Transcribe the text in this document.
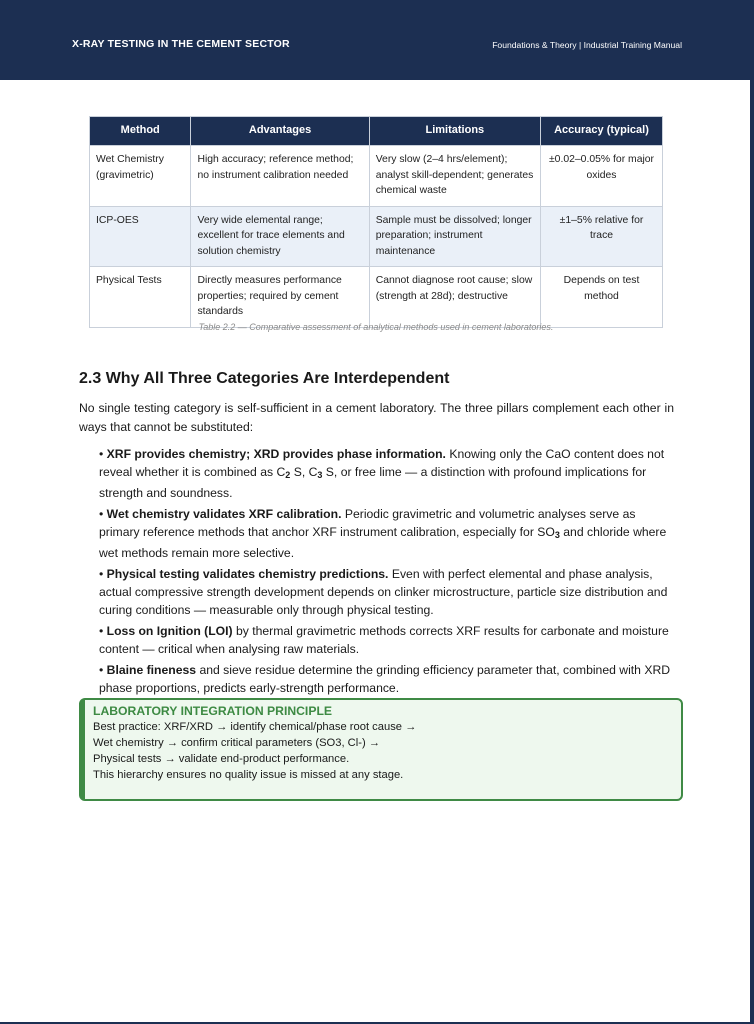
X-RAY TESTING IN THE CEMENT SECTOR	Foundations & Theory | Industrial Training Manual
Method	Advantages	Limitations	Accuracy (typical)
Wet Chemistry (gravimetric)	High accuracy; reference method; no instrument calibration needed	Very slow (2–4 hrs/element); analyst skill-dependent; generates chemical waste	±0.02–0.05% for major oxides
ICP-OES	Very wide elemental range; excellent for trace elements and solution chemistry	Sample must be dissolved; longer preparation; instrument maintenance	±1–5% relative for trace
Physical Tests	Directly measures performance properties; required by cement standards	Cannot diagnose root cause; slow (strength at 28d); destructive	Depends on test method
Table 2.2 — Comparative assessment of analytical methods used in cement laboratories.
2.3 Why All Three Categories Are Interdependent
No single testing category is self-sufficient in a cement laboratory. The three pillars complement each other in ways that cannot be substituted:
• XRF provides chemistry; XRD provides phase information. Knowing only the CaO content does not reveal whether it is combined as $C_2$ S, $C_3$ S, or free lime — a distinction with profound implications for strength and soundness.
• Wet chemistry validates XRF calibration. Periodic gravimetric and volumetric analyses serve as primary reference methods that anchor XRF instrument calibration, especially for $SO_3$ and chloride where wet methods remain more selective.
• Physical testing validates chemistry predictions. Even with perfect elemental and phase analysis, actual compressive strength development depends on clinker microstructure, particle size distribution and curing conditions — measurable only through physical testing.
• Loss on Ignition (LOI) by thermal gravimetric methods corrects XRF results for carbonate and moisture content — critical when analysing raw materials.
• Blaine fineness and sieve residue determine the grinding efficiency parameter that, combined with XRD phase proportions, predicts early-strength performance.
LABORATORY INTEGRATION PRINCIPLE
Best practice: XRF/XRD → identify chemical/phase root cause →
Wet chemistry → confirm critical parameters (SO3, Cl-) →
Physical tests → validate end-product performance.
This hierarchy ensures no quality issue is missed at any stage.
